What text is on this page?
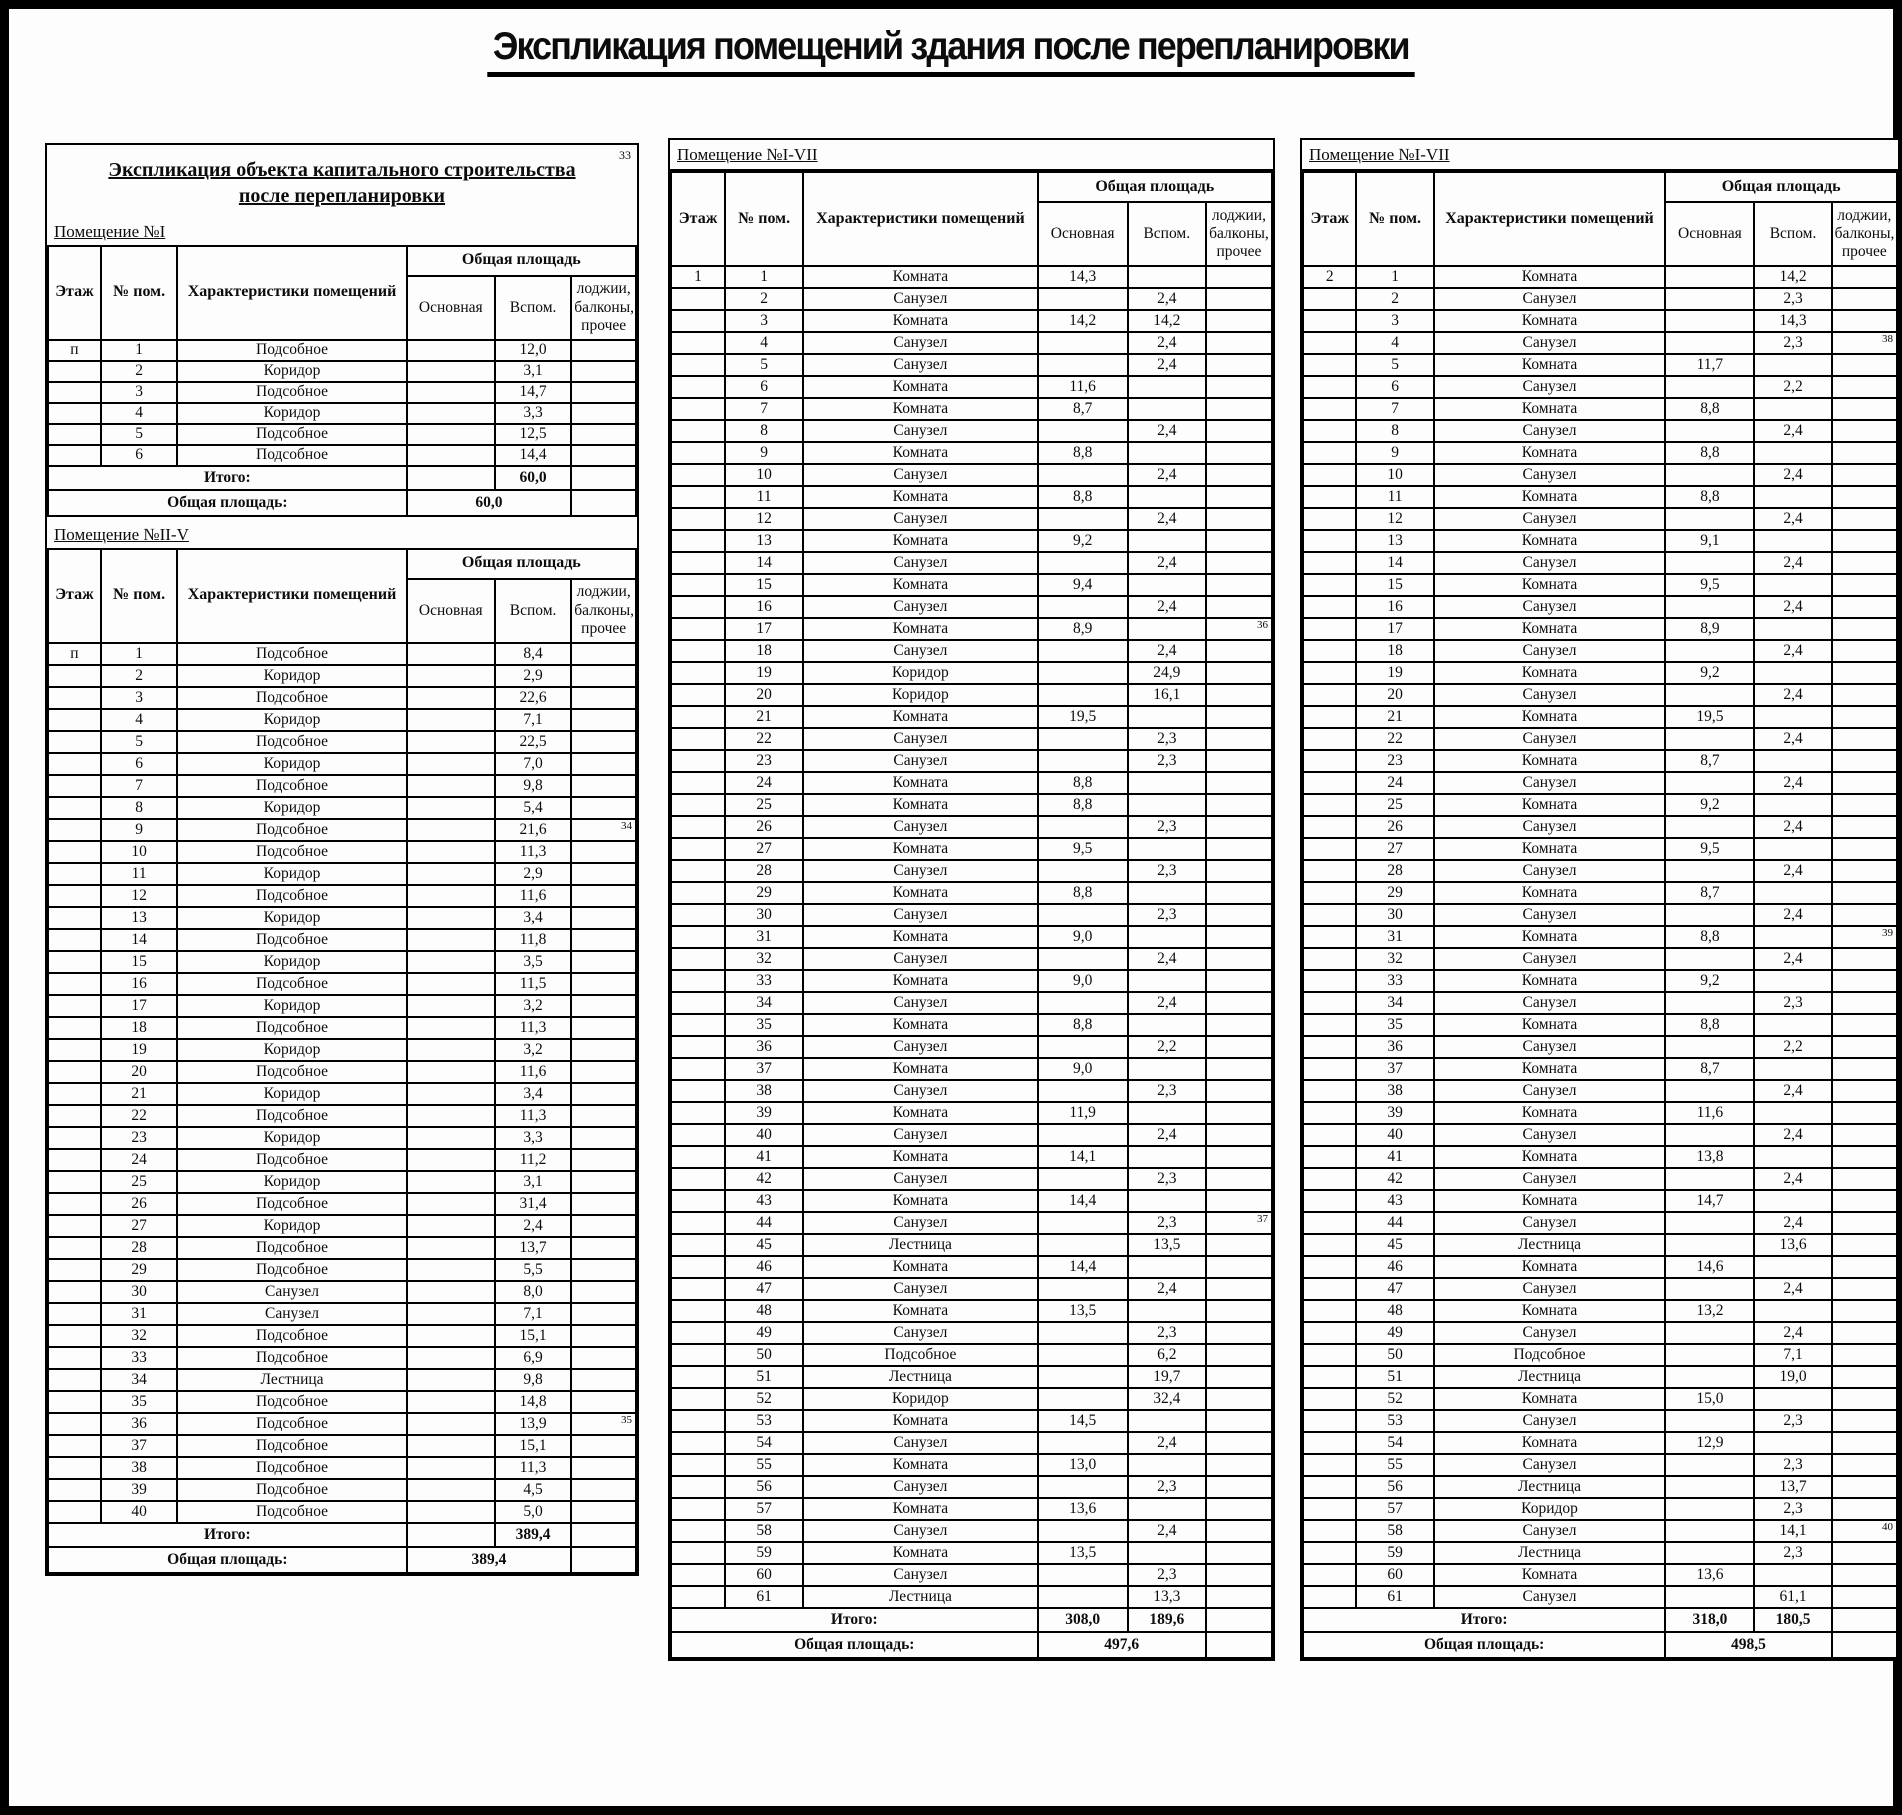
Экспликация помещений здания после перепланировки
33
Экспликация объекта капитального строительства
после перепланировки
Помещение №I
Этаж	№ пом.	Характеристики помещений	Общая площадь		
			Основная	Вспом.	лоджии, балконы, прочее
п	1	Подсобное		12,0	
	2	Коридор		3,1	
	3	Подсобное		14,7	
	4	Коридор		3,3	
	5	Подсобное		12,5	
	6	Подсобное		14,4	
Итого:				60,0	
Общая площадь:			60,0		
Помещение №II-V
Этаж	№ пом.	Характеристики помещений	Общая площадь		
			Основная	Вспом.	лоджии, балконы, прочее
п	1	Подсобное		8,4	
	2	Коридор		2,9	
	3	Подсобное		22,6	
	4	Коридор		7,1	
	5	Подсобное		22,5	
	6	Коридор		7,0	
	7	Подсобное		9,8	
	8	Коридор		5,4	
	9	Подсобное		21,6	34

	10	Подсобное		11,3	
	11	Коридор		2,9	
	12	Подсобное		11,6	
	13	Коридор		3,4	
	14	Подсобное		11,8	
	15	Коридор		3,5	
	16	Подсобное		11,5	
	17	Коридор		3,2	
	18	Подсобное		11,3	
	19	Коридор		3,2	
	20	Подсобное		11,6	
	21	Коридор		3,4	
	22	Подсобное		11,3	
	23	Коридор		3,3	
	24	Подсобное		11,2	
	25	Коридор		3,1	
	26	Подсобное		31,4	
	27	Коридор		2,4	
	28	Подсобное		13,7	
	29	Подсобное		5,5	
	30	Санузел		8,0	
	31	Санузел		7,1	
	32	Подсобное		15,1	
	33	Подсобное		6,9	
	34	Лестница		9,8	
	35	Подсобное		14,8	
	36	Подсобное		13,9	35

	37	Подсобное		15,1	
	38	Подсобное		11,3	
	39	Подсобное		4,5	
	40	Подсобное		5,0	
Итого:				389,4	
Общая площадь:			389,4		
Помещение №I-VII
Этаж	№ пом.	Характеристики помещений	Общая площадь		
			Основная	Вспом.	лоджии, балконы, прочее
1	1	Комната	14,3		
	2	Санузел		2,4	
	3	Комната	14,2	14,2	
	4	Санузел		2,4	
	5	Санузел		2,4	
	6	Комната	11,6		
	7	Комната	8,7		
	8	Санузел		2,4	
	9	Комната	8,8		
	10	Санузел		2,4	
	11	Комната	8,8		
	12	Санузел		2,4	
	13	Комната	9,2		
	14	Санузел		2,4	
	15	Комната	9,4		
	16	Санузел		2,4	
	17	Комната	8,9		36

	18	Санузел		2,4	
	19	Коридор		24,9	
	20	Коридор		16,1	
	21	Комната	19,5		
	22	Санузел		2,3	
	23	Санузел		2,3	
	24	Комната	8,8		
	25	Комната	8,8		
	26	Санузел		2,3	
	27	Комната	9,5		
	28	Санузел		2,3	
	29	Комната	8,8		
	30	Санузел		2,3	
	31	Комната	9,0		
	32	Санузел		2,4	
	33	Комната	9,0		
	34	Санузел		2,4	
	35	Комната	8,8		
	36	Санузел		2,2	
	37	Комната	9,0		
	38	Санузел		2,3	
	39	Комната	11,9		
	40	Санузел		2,4	
	41	Комната	14,1		
	42	Санузел		2,3	
	43	Комната	14,4		
	44	Санузел		2,3	37

	45	Лестница		13,5	
	46	Комната	14,4		
	47	Санузел		2,4	
	48	Комната	13,5		
	49	Санузел		2,3	
	50	Подсобное		6,2	
	51	Лестница		19,7	
	52	Коридор		32,4	
	53	Комната	14,5		
	54	Санузел		2,4	
	55	Комната	13,0		
	56	Санузел		2,3	
	57	Комната	13,6		
	58	Санузел		2,4	
	59	Комната	13,5		
	60	Санузел		2,3	
	61	Лестница		13,3	
Итого:			308,0	189,6	
Общая площадь:			497,6		
Помещение №I-VII
Этаж	№ пом.	Характеристики помещений	Общая площадь		
			Основная	Вспом.	лоджии, балконы, прочее
2	1	Комната		14,2	
	2	Санузел		2,3	
	3	Комната		14,3	
	4	Санузел		2,3	38

	5	Комната	11,7		
	6	Санузел		2,2	
	7	Комната	8,8		
	8	Санузел		2,4	
	9	Комната	8,8		
	10	Санузел		2,4	
	11	Комната	8,8		
	12	Санузел		2,4	
	13	Комната	9,1		
	14	Санузел		2,4	
	15	Комната	9,5		
	16	Санузел		2,4	
	17	Комната	8,9		
	18	Санузел		2,4	
	19	Комната	9,2		
	20	Санузел		2,4	
	21	Комната	19,5		
	22	Санузел		2,4	
	23	Комната	8,7		
	24	Санузел		2,4	
	25	Комната	9,2		
	26	Санузел		2,4	
	27	Комната	9,5		
	28	Санузел		2,4	
	29	Комната	8,7		
	30	Санузел		2,4	
	31	Комната	8,8		39

	32	Санузел		2,4	
	33	Комната	9,2		
	34	Санузел		2,3	
	35	Комната	8,8		
	36	Санузел		2,2	
	37	Комната	8,7		
	38	Санузел		2,4	
	39	Комната	11,6		
	40	Санузел		2,4	
	41	Комната	13,8		
	42	Санузел		2,4	
	43	Комната	14,7		
	44	Санузел		2,4	
	45	Лестница		13,6	
	46	Комната	14,6		
	47	Санузел		2,4	
	48	Комната	13,2		
	49	Санузел		2,4	
	50	Подсобное		7,1	
	51	Лестница		19,0	
	52	Комната	15,0		
	53	Санузел		2,3	
	54	Комната	12,9		
	55	Санузел		2,3	
	56	Лестница		13,7	
	57	Коридор		2,3	
	58	Санузел		14,1	40

	59	Лестница		2,3	
	60	Комната	13,6		
	61	Санузел		61,1	
Итого:			318,0	180,5	
Общая площадь:			498,5		
